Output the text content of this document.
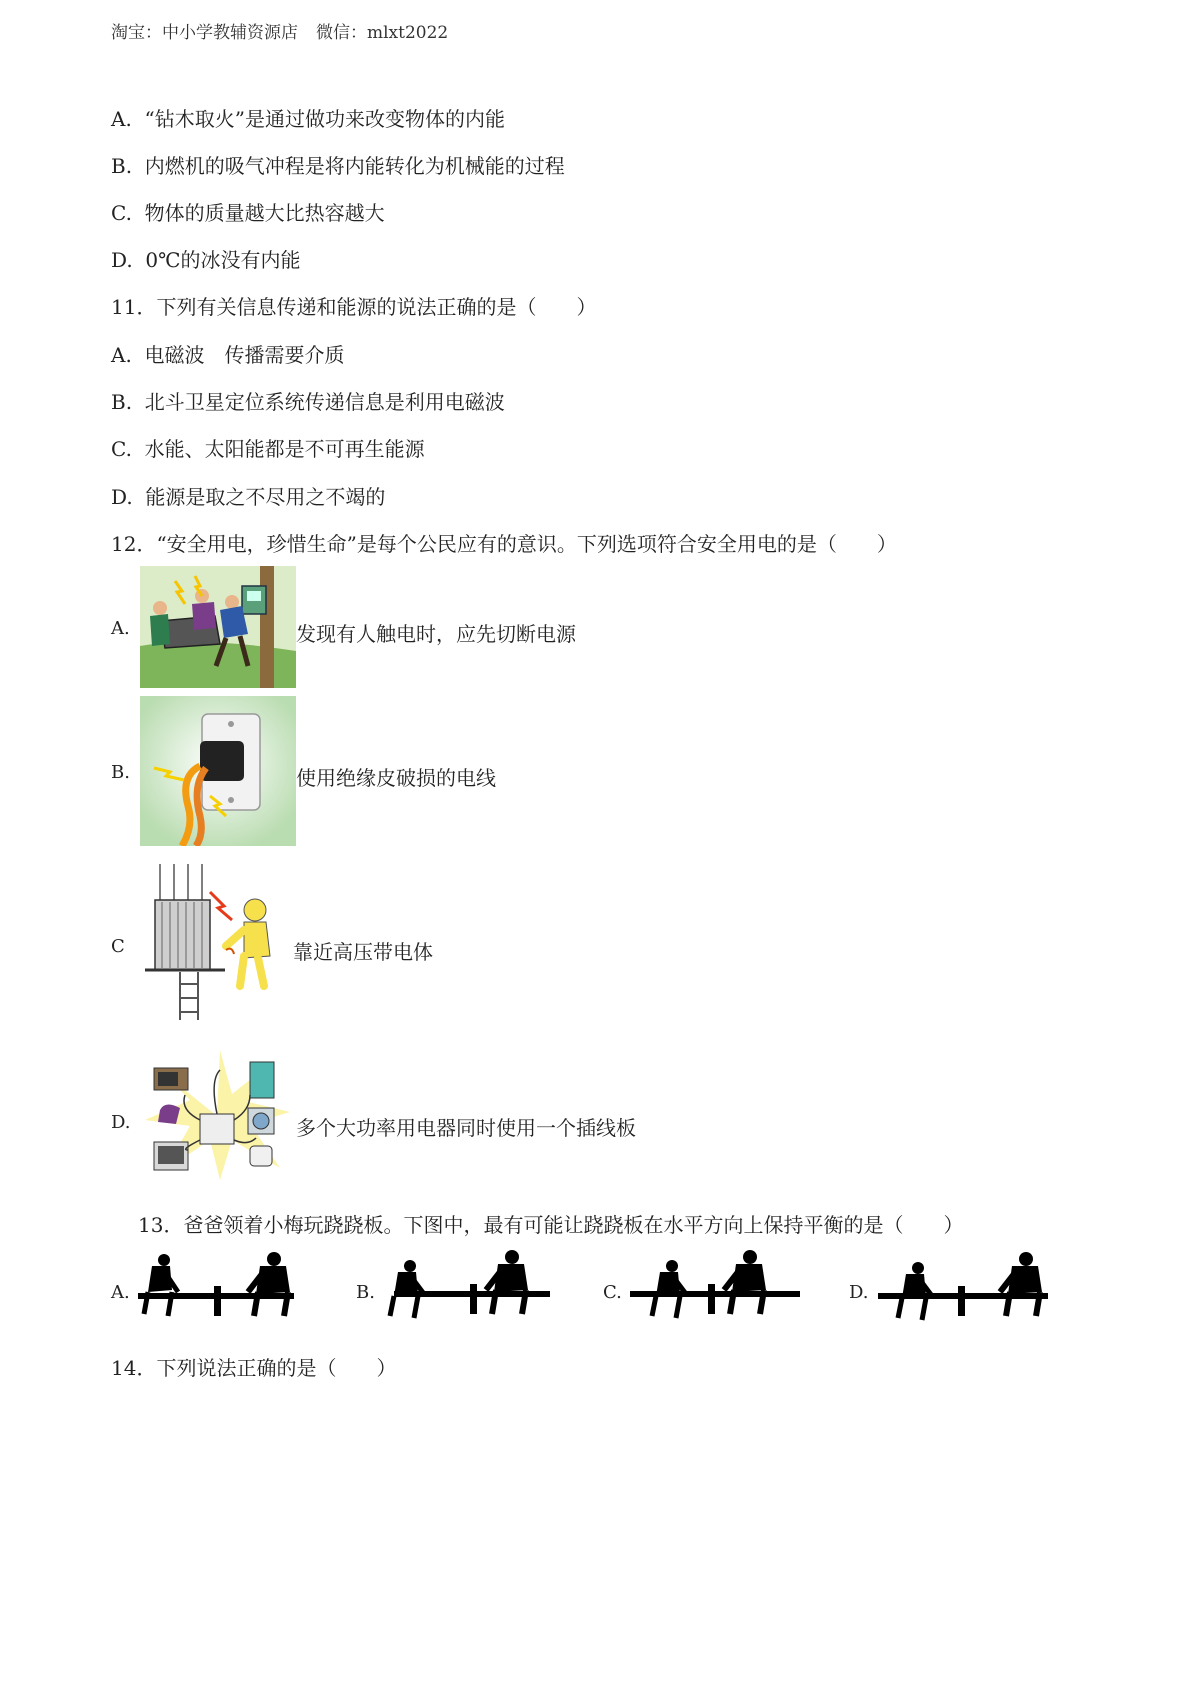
淘宝：中小学教辅资源店 微信：mlxt2022
A. “钻木取火”是通过做功来改变物体的内能
B. 内燃机的吸气冲程是将内能转化为机械能的过程
C. 物体的质量越大比热容越大
D. 0℃的冰没有内能
11．下列有关信息传递和能源的说法正确的是（　　）
A. 电磁波　传播需要介质
B. 北斗卫星定位系统传递信息是利用电磁波
C. 水能、太阳能都是不可再生能源
D. 能源是取之不尽用之不竭的
12．“安全用电，珍惜生命”是每个公民应有的意识。下列选项符合安全用电的是（　　）
A.	发现有人触电时，应先切断电源
B.	使用绝缘皮破损的电线
C	靠近高压带电体
D.	多个大功率用电器同时使用一个插线板
13．爸爸领着小梅玩跷跷板。下图中，最有可能让跷跷板在水平方向上保持平衡的是（　　）
A.	B.	C.	D.
14．下列说法正确的是（　　）
